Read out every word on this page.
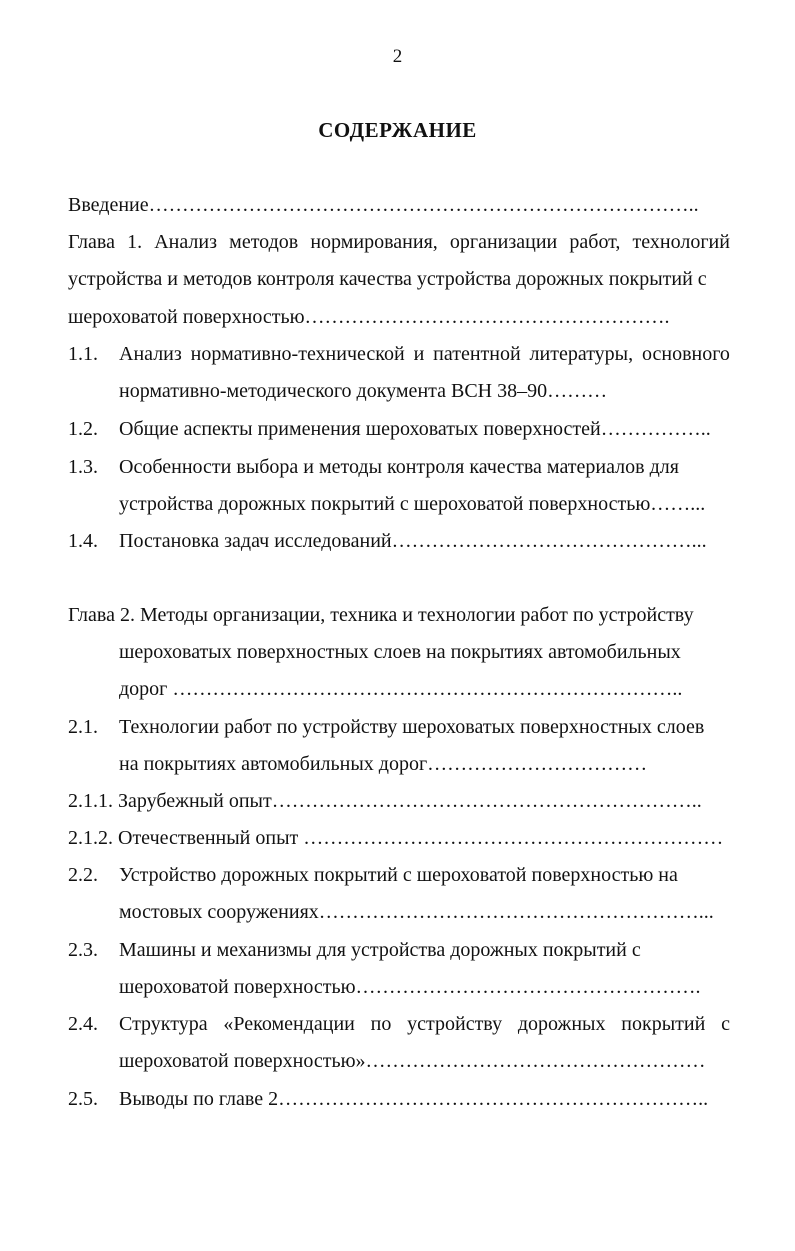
2
СОДЕРЖАНИЕ
Введение………………………………………………………………………..
Глава 1. Анализ методов нормирования, организации работ, технологий
устройства и методов контроля качества устройства дорожных покрытий с
шероховатой поверхностью……………………………………………….
1.1. Анализ нормативно-технической и патентной литературы, основного
нормативно-методического документа ВСН 38–90………
1.2. Общие аспекты применения шероховатых поверхностей……………..
1.3. Особенности выбора и методы контроля качества материалов для
устройства дорожных покрытий с шероховатой поверхностью……...
1.4. Постановка задач исследований………………………………………...
Глава 2. Методы организации, техника и технологии работ по устройству
шероховатых поверхностных слоев на покрытиях автомобильных
дорог …………………………………………………………………..
2.1. Технологии работ по устройству шероховатых поверхностных слоев
на покрытиях автомобильных дорог……………………………
2.1.1. Зарубежный опыт………………………………………………………..
2.1.2. Отечественный опыт ………………………………………………………
2.2. Устройство дорожных покрытий с шероховатой поверхностью на
мостовых сооружениях…………………………………………………...
2.3. Машины и механизмы для устройства дорожных покрытий с
шероховатой поверхностью…………………………………………….
2.4. Структура «Рекомендации по устройству дорожных покрытий с
шероховатой поверхностью»……………………………………………
2.5. Выводы по главе 2………………………………………………………..
